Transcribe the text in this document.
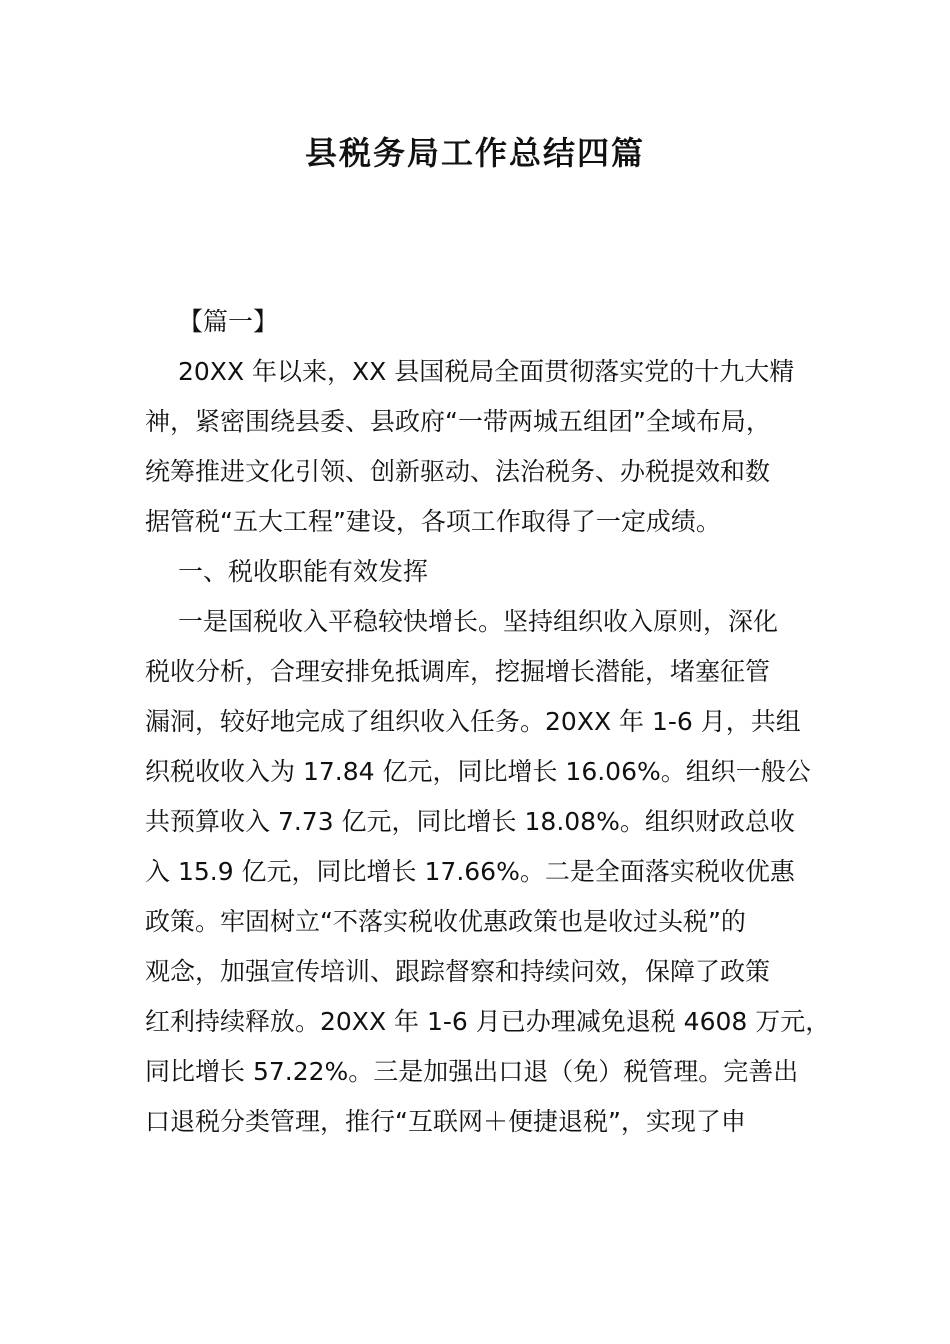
县税务局工作总结四篇
【篇一】
20XX 年以来，XX 县国税局全面贯彻落实党的十九大精
神，紧密围绕县委、县政府“一带两城五组团”全域布局，
统筹推进文化引领、创新驱动、法治税务、办税提效和数
据管税“五大工程”建设，各项工作取得了一定成绩。
一、税收职能有效发挥
一是国税收入平稳较快增长。坚持组织收入原则，深化
税收分析，合理安排免抵调库，挖掘增长潜能，堵塞征管
漏洞，较好地完成了组织收入任务。20XX 年 1-6 月，共组
织税收收入为 17.84 亿元，同比增长 16.06%。组织一般公
共预算收入 7.73 亿元，同比增长 18.08%。组织财政总收
入 15.9 亿元，同比增长 17.66%。二是全面落实税收优惠
政策。牢固树立“不落实税收优惠政策也是收过头税”的
观念，加强宣传培训、跟踪督察和持续问效，保障了政策
红利持续释放。20XX 年 1-6 月已办理减免退税 4608 万元，
同比增长 57.22%。三是加强出口退（免）税管理。完善出
口退税分类管理，推行“互联网＋便捷退税”，实现了申
